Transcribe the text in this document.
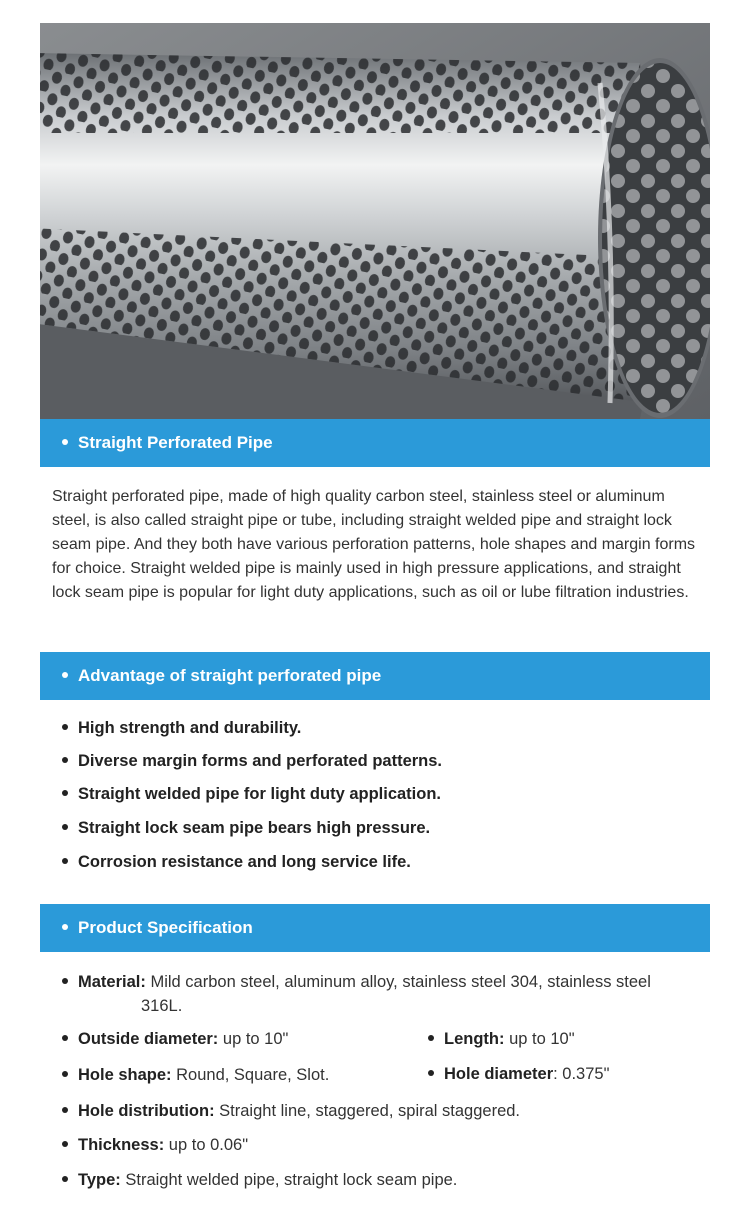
Straight Perforated Pipe

Straight perforated pipe, made of high quality carbon steel, stainless steel or aluminum steel, is also called straight pipe or tube, including straight welded pipe and straight lock seam pipe. And they both have various perforation patterns, hole shapes and margin forms for choice. Straight welded pipe is mainly used in high pressure applications, and straight lock seam pipe is popular for light duty applications, such as oil or lube filtration industries.

Advantage of straight perforated pipe
High strength and durability.
Diverse margin forms and perforated patterns.
Straight welded pipe for light duty application.
Straight lock seam pipe bears high pressure.
Corrosion resistance and long service life.
Product Specification
Material: Mild carbon steel, aluminum alloy, stainless steel 304, stainless steel
316L.
Outside diameter: up to 10"	Length: up to 10"
Hole shape: Round, Square, Slot.	Hole diameter: 0.375"
Hole distribution: Straight line, staggered, spiral staggered.
Thickness: up to 0.06"
Type: Straight welded pipe, straight lock seam pipe.
